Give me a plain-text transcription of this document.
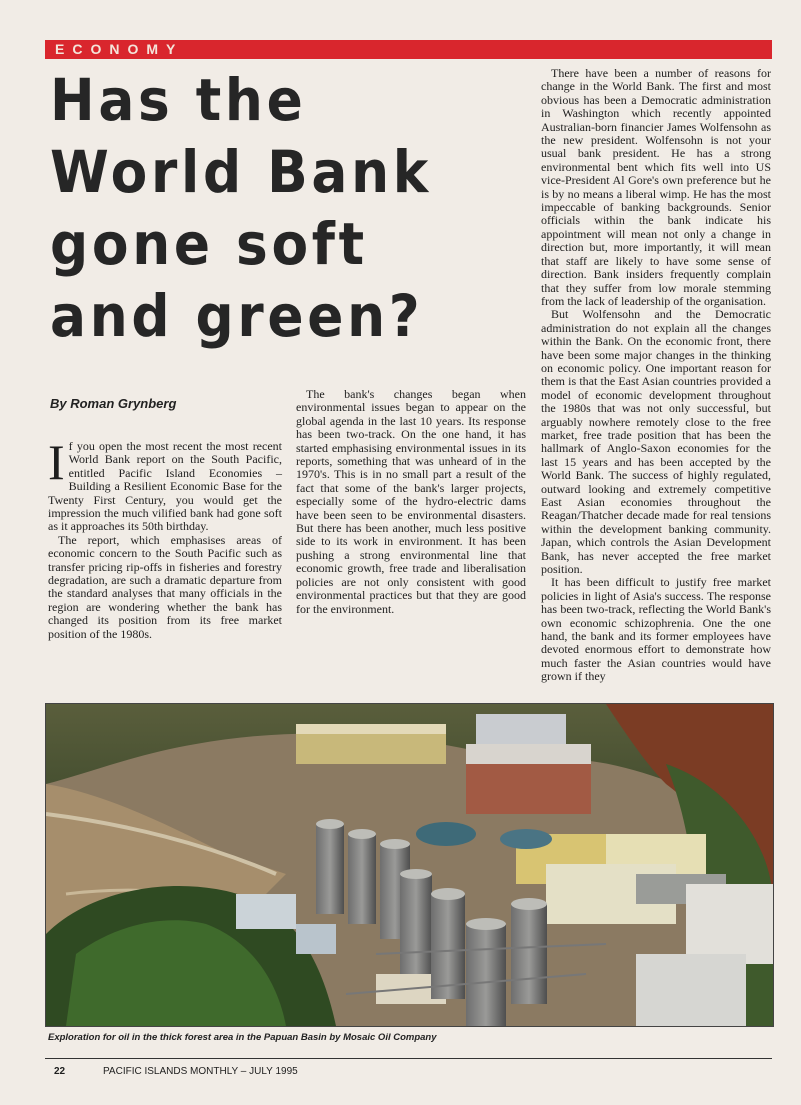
ECONOMY
Has the World Bank gone soft and green?
By Roman Grynberg

If you open the most recent the most recent World Bank report on the South Pacific, entitled Pacific Island Economies – Building a Resilient Economic Base for the Twenty First Century, you would get the impression the much vilified bank had gone soft as it approaches its 50th birthday.

The report, which emphasises areas of economic concern to the South Pacific such as transfer pricing rip-offs in fisheries and forestry degradation, are such a dramatic departure from the standard analyses that many officials in the region are wondering whether the bank has changed its position from its free market position of the 1980s.

The bank's changes began when environmental issues began to appear on the global agenda in the last 10 years. Its response has been two-track. On the one hand, it has started emphasising environmental issues in its reports, something that was unheard of in the 1970's. This is in no small part a result of the fact that some of the bank's larger projects, especially some of the hydro-electric dams have been seen to be environmental disasters. But there has been another, much less positive side to its work in environment. It has been pushing a strong environmental line that economic growth, free trade and liberalisation policies are not only consistent with good environmental practices but that they are good for the environment.

There have been a number of reasons for change in the World Bank. The first and most obvious has been a Democratic administration in Washington which recently appointed Australian-born financier James Wolfensohn as the new president. Wolfensohn is not your usual bank president. He has a strong environmental bent which fits well into US vice-President Al Gore's own preference but he is by no means a liberal wimp. He has the most impeccable of banking backgrounds. Senior officials within the bank indicate his appointment will mean not only a change in direction but, more importantly, it will mean that staff are likely to have some sense of direction. Bank insiders frequently complain that they suffer from low morale stemming from the lack of leadership of the organisation.

But Wolfensohn and the Democratic administration do not explain all the changes within the Bank. On the economic front, there have been some major changes in the thinking on economic policy. One important reason for them is that the East Asian countries provided a model of economic development throughout the 1980s that was not only successful, but arguably nowhere remotely close to the free market, free trade position that has been the hallmark of Anglo-Saxon economies for the last 15 years and has been accepted by the World Bank. The success of highly regulated, outward looking and extremely competitive East Asian economies throughout the Reagan/Thatcher decade made for real tensions within the development banking community. Japan, which controls the Asian Development Bank, has never accepted the free market position.

It has been difficult to justify free market policies in light of Asia's success. The response has been two-track, reflecting the World Bank's own economic schizophrenia. One the one hand, the bank and its former employees have devoted enormous effort to demonstrate how much faster the Asian countries would have grown if they

Exploration for oil in the thick forest area in the Papuan Basin by Mosaic Oil Company
22	PACIFIC ISLANDS MONTHLY – JULY 1995
